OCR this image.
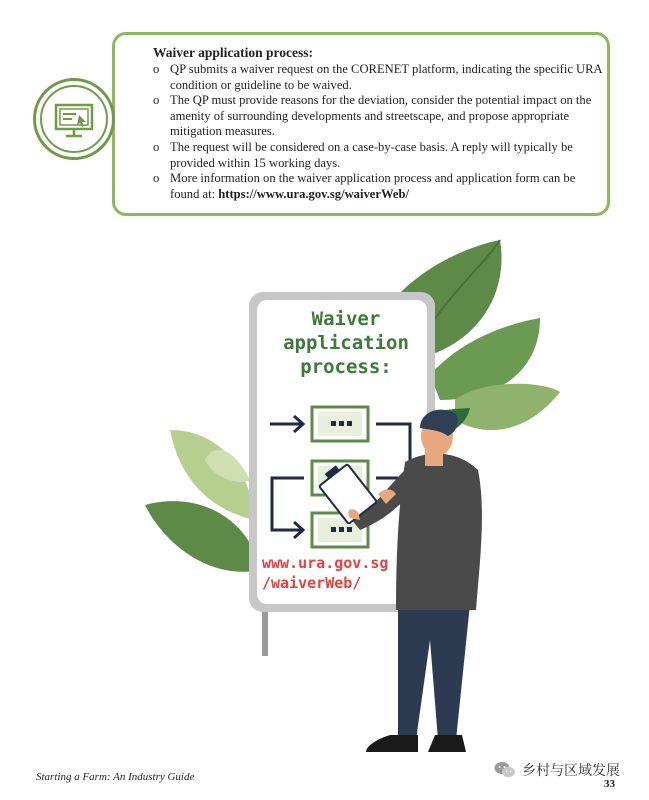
Waiver application process:
o QP submits a waiver request on the CORENET platform, indicating the specific URA condition or guideline to be waived.
o The QP must provide reasons for the deviation, consider the potential impact on the amenity of surrounding developments and streetscape, and propose appropriate mitigation measures.
o The request will be considered on a case-by-case basis. A reply will typically be provided within 15 working days.
o More information on the waiver application process and application form can be found at: https://www.ura.gov.sg/waiverWeb/
Waiver
application
process:
www.ura.gov.sg
/waiverWeb/
Starting a Farm: An Industry Guide
33
乡村与区域发展
